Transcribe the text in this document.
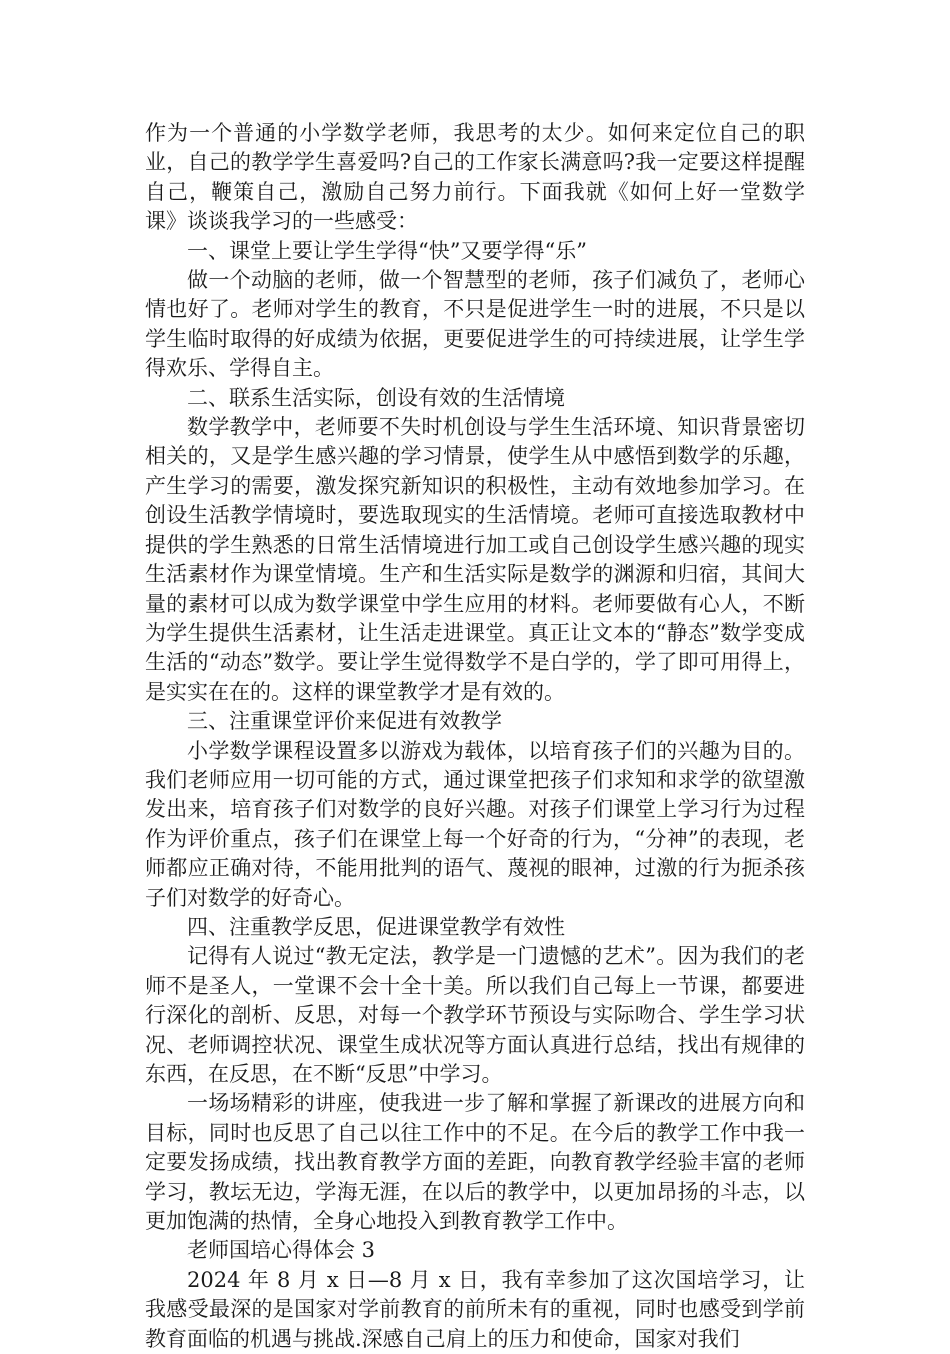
作为一个普通的小学数学老师，我思考的太少。如何来定位自己的职业，自己的教学学生喜爱吗?自己的工作家长满意吗?我一定要这样提醒自己，鞭策自己，激励自己努力前行。下面我就《如何上好一堂数学课》谈谈我学习的一些感受：

一、课堂上要让学生学得“快”又要学得“乐”

做一个动脑的老师，做一个智慧型的老师，孩子们减负了，老师心情也好了。老师对学生的教育，不只是促进学生一时的进展，不只是以学生临时取得的好成绩为依据，更要促进学生的可持续进展，让学生学得欢乐、学得自主。

二、联系生活实际，创设有效的生活情境

数学教学中，老师要不失时机创设与学生生活环境、知识背景密切相关的，又是学生感兴趣的学习情景，使学生从中感悟到数学的乐趣，产生学习的需要，激发探究新知识的积极性，主动有效地参加学习。在创设生活教学情境时，要选取现实的生活情境。老师可直接选取教材中提供的学生熟悉的日常生活情境进行加工或自己创设学生感兴趣的现实生活素材作为课堂情境。生产和生活实际是数学的渊源和归宿，其间大量的素材可以成为数学课堂中学生应用的材料。老师要做有心人，不断为学生提供生活素材，让生活走进课堂。真正让文本的“静态”数学变成生活的“动态”数学。要让学生觉得数学不是白学的，学了即可用得上，是实实在在的。这样的课堂教学才是有效的。

三、注重课堂评价来促进有效教学

小学数学课程设置多以游戏为载体，以培育孩子们的兴趣为目的。我们老师应用一切可能的方式，通过课堂把孩子们求知和求学的欲望激发出来，培育孩子们对数学的良好兴趣。对孩子们课堂上学习行为过程作为评价重点，孩子们在课堂上每一个好奇的行为，“分神”的表现，老师都应正确对待，不能用批判的语气、蔑视的眼神，过激的行为扼杀孩子们对数学的好奇心。

四、注重教学反思，促进课堂教学有效性

记得有人说过“教无定法，教学是一门遗憾的艺术”。因为我们的老师不是圣人，一堂课不会十全十美。所以我们自己每上一节课，都要进行深化的剖析、反思，对每一个教学环节预设与实际吻合、学生学习状况、老师调控状况、课堂生成状况等方面认真进行总结，找出有规律的东西，在反思，在不断“反思”中学习。

一场场精彩的讲座，使我进一步了解和掌握了新课改的进展方向和目标，同时也反思了自己以往工作中的不足。在今后的教学工作中我一定要发扬成绩，找出教育教学方面的差距，向教育教学经验丰富的老师学习，教坛无边，学海无涯，在以后的教学中，以更加昂扬的斗志，以更加饱满的热情，全身心地投入到教育教学工作中。

老师国培心得体会 3

2024 年 8 月 x 日—8 月 x 日，我有幸参加了这次国培学习，让我感受最深的是国家对学前教育的前所未有的重视，同时也感受到学前教育面临的机遇与挑战.深感自己肩上的压力和使命，国家对我们
